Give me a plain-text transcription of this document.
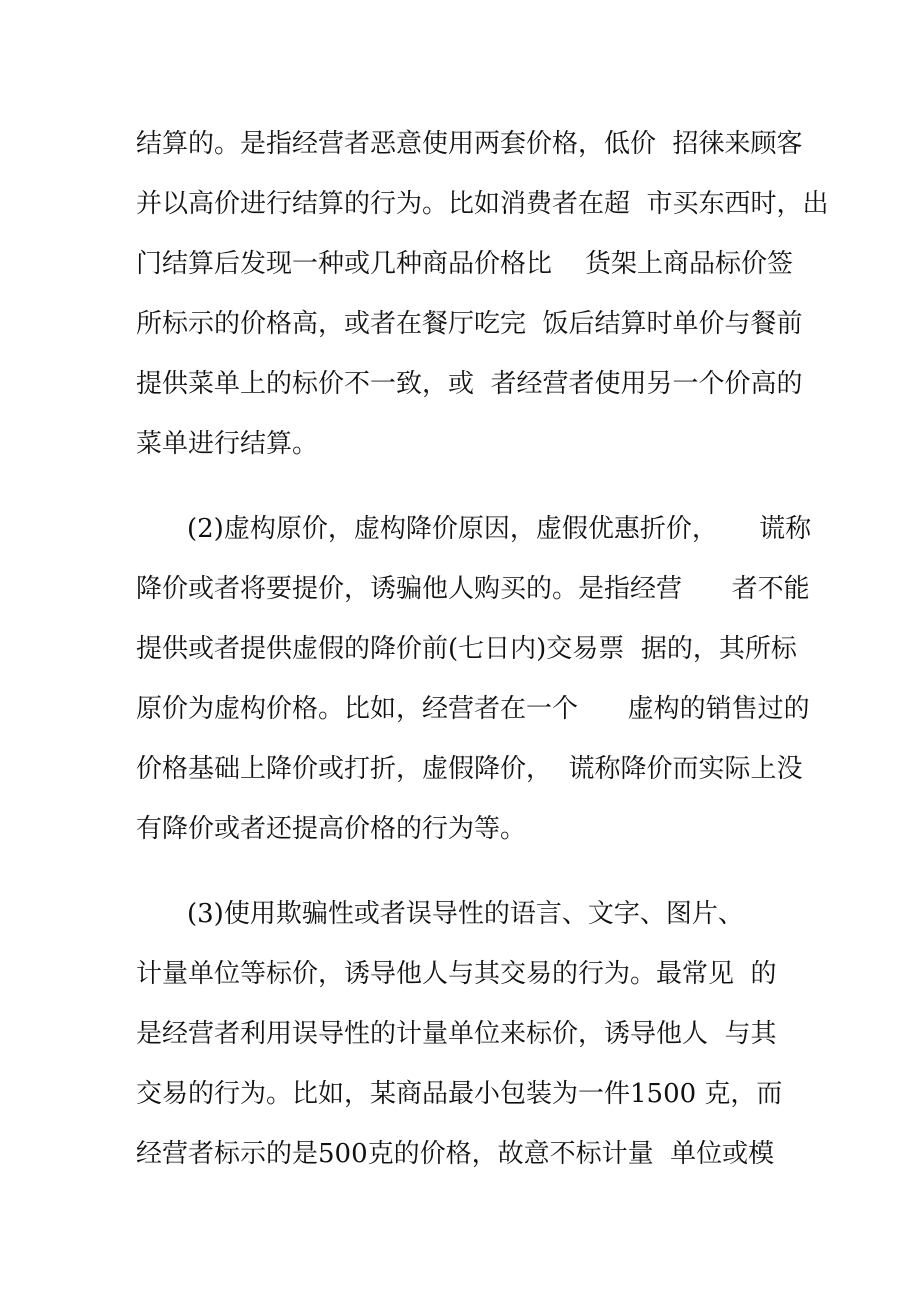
结算的。是指经营者恶意使用两套价格，低价  招徕来顾客
并以高价进行结算的行为。比如消费者在超  市买东西时，出
门结算后发现一种或几种商品价格比    货架上商品标价签
所标示的价格高，或者在餐厅吃完  饭后结算时单价与餐前
提供菜单上的标价不一致，或  者经营者使用另一个价高的
菜单进行结算。
(2)虚构原价，虚构降价原因，虚假优惠折价，     谎称
降价或者将要提价，诱骗他人购买的。是指经营      者不能
提供或者提供虚假的降价前(七日内)交易票  据的，其所标
原价为虚构价格。比如，经营者在一个      虚构的销售过的
价格基础上降价或打折，虚假降价，  谎称降价而实际上没
有降价或者还提高价格的行为等。
(3)使用欺骗性或者误导性的语言、文字、图片、
计量单位等标价，诱导他人与其交易的行为。最常见  的
是经营者利用误导性的计量单位来标价，诱导他人  与其
交易的行为。比如，某商品最小包装为一件1500 克，而
经营者标示的是500克的价格，故意不标计量  单位或模
